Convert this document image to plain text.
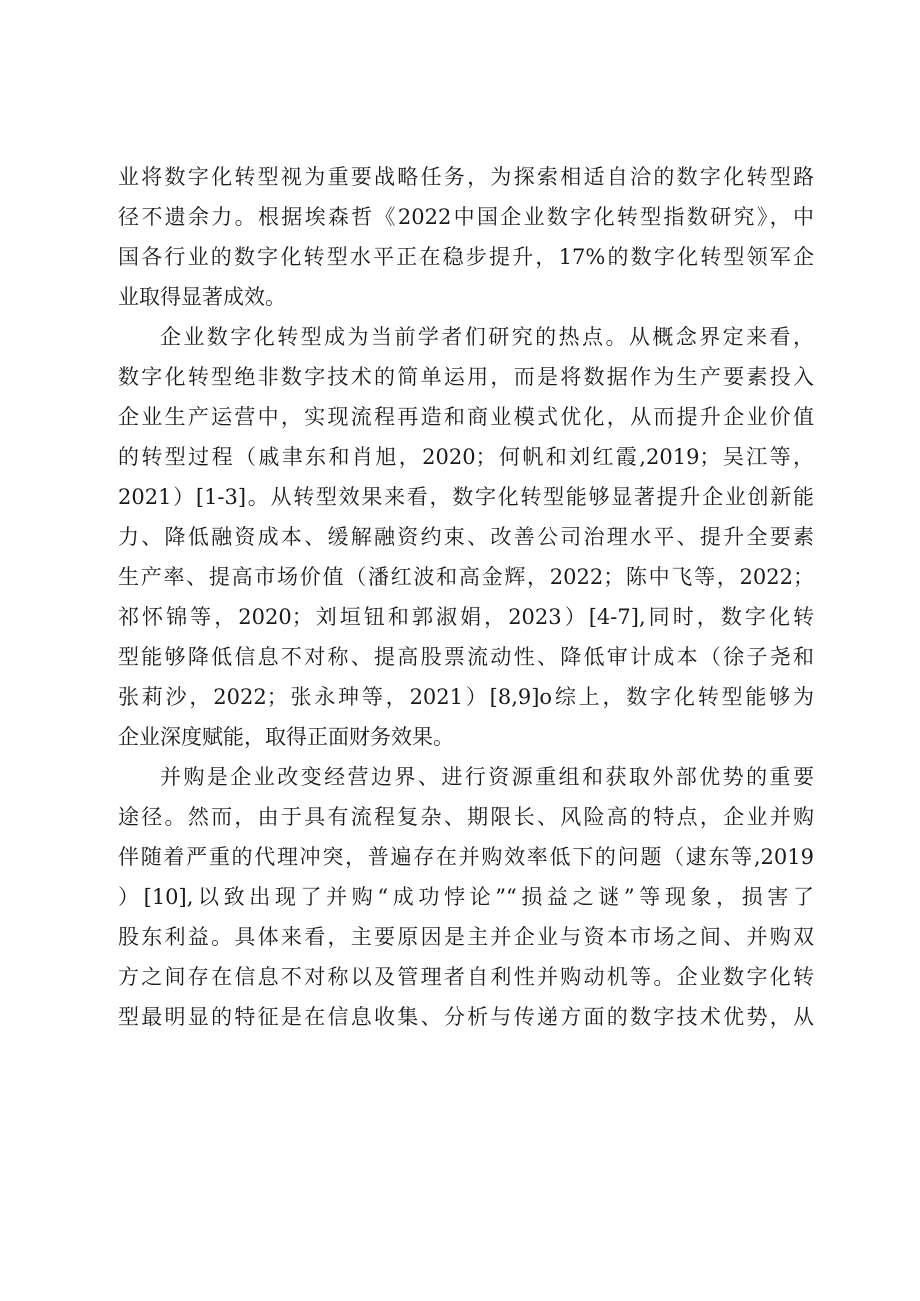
业将数字化转型视为重要战略任务，为探索相适自洽的数字化转型路
径不遗余力。根据埃森哲《2022中国企业数字化转型指数研究》，中
国各行业的数字化转型水平正在稳步提升，17%的数字化转型领军企
业取得显著成效。
企业数字化转型成为当前学者们研究的热点。从概念界定来看，
数字化转型绝非数字技术的简单运用，而是将数据作为生产要素投入
企业生产运营中，实现流程再造和商业模式优化，从而提升企业价值
的转型过程（戚聿东和肖旭，2020；何帆和刘红霞,2019；吴江等，
2021）[1-3]。从转型效果来看，数字化转型能够显著提升企业创新能
力、降低融资成本、缓解融资约束、改善公司治理水平、提升全要素
生产率、提高市场价值（潘红波和高金辉，2022；陈中飞等，2022；
祁怀锦等，2020；刘垣钮和郭淑娟，2023）[4-7],同时，数字化转
型能够降低信息不对称、提高股票流动性、降低审计成本（徐子尧和
张莉沙，2022；张永珅等，2021）[8,9]o综上，数字化转型能够为
企业深度赋能，取得正面财务效果。
并购是企业改变经营边界、进行资源重组和获取外部优势的重要
途径。然而，由于具有流程复杂、期限长、风险高的特点，企业并购
伴随着严重的代理冲突，普遍存在并购效率低下的问题（逮东等,2019
）[10],以致出现了并购“成功悖论”“损益之谜”等现象，损害了
股东利益。具体来看，主要原因是主并企业与资本市场之间、并购双
方之间存在信息不对称以及管理者自利性并购动机等。企业数字化转
型最明显的特征是在信息收集、分析与传递方面的数字技术优势，从
